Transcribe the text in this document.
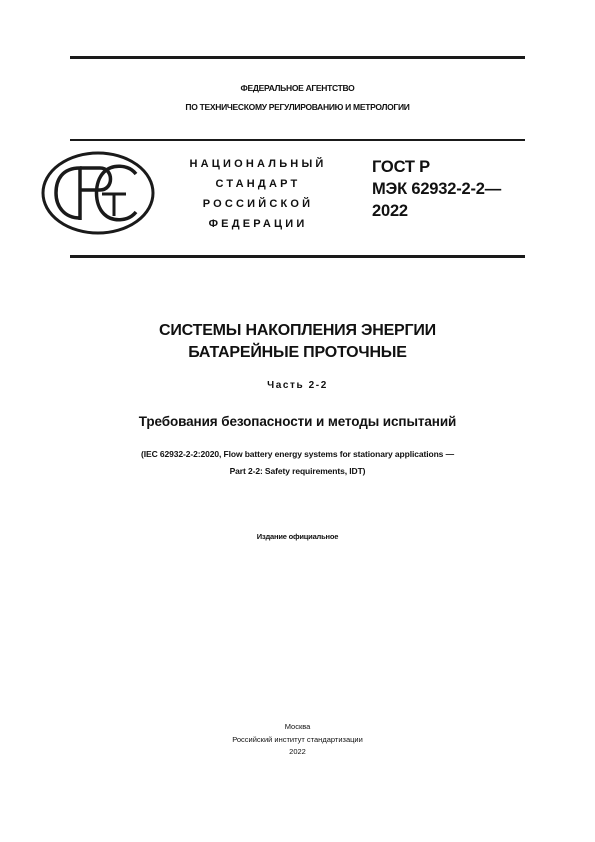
ФЕДЕРАЛЬНОЕ АГЕНТСТВО
ПО ТЕХНИЧЕСКОМУ РЕГУЛИРОВАНИЮ И МЕТРОЛОГИИ
НАЦИОНАЛЬНЫЙ
СТАНДАРТ
РОССИЙСКОЙ
ФЕДЕРАЦИИ
ГОСТ Р
МЭК 62932-2-2—
2022
СИСТЕМЫ НАКОПЛЕНИЯ ЭНЕРГИИ
БАТАРЕЙНЫЕ ПРОТОЧНЫЕ
Часть 2-2
Требования безопасности и методы испытаний
(IEC 62932-2-2:2020, Flow battery energy systems for stationary applications —
Part 2-2: Safety requirements, IDT)
Издание официальное
Москва
Российский институт стандартизации
2022
